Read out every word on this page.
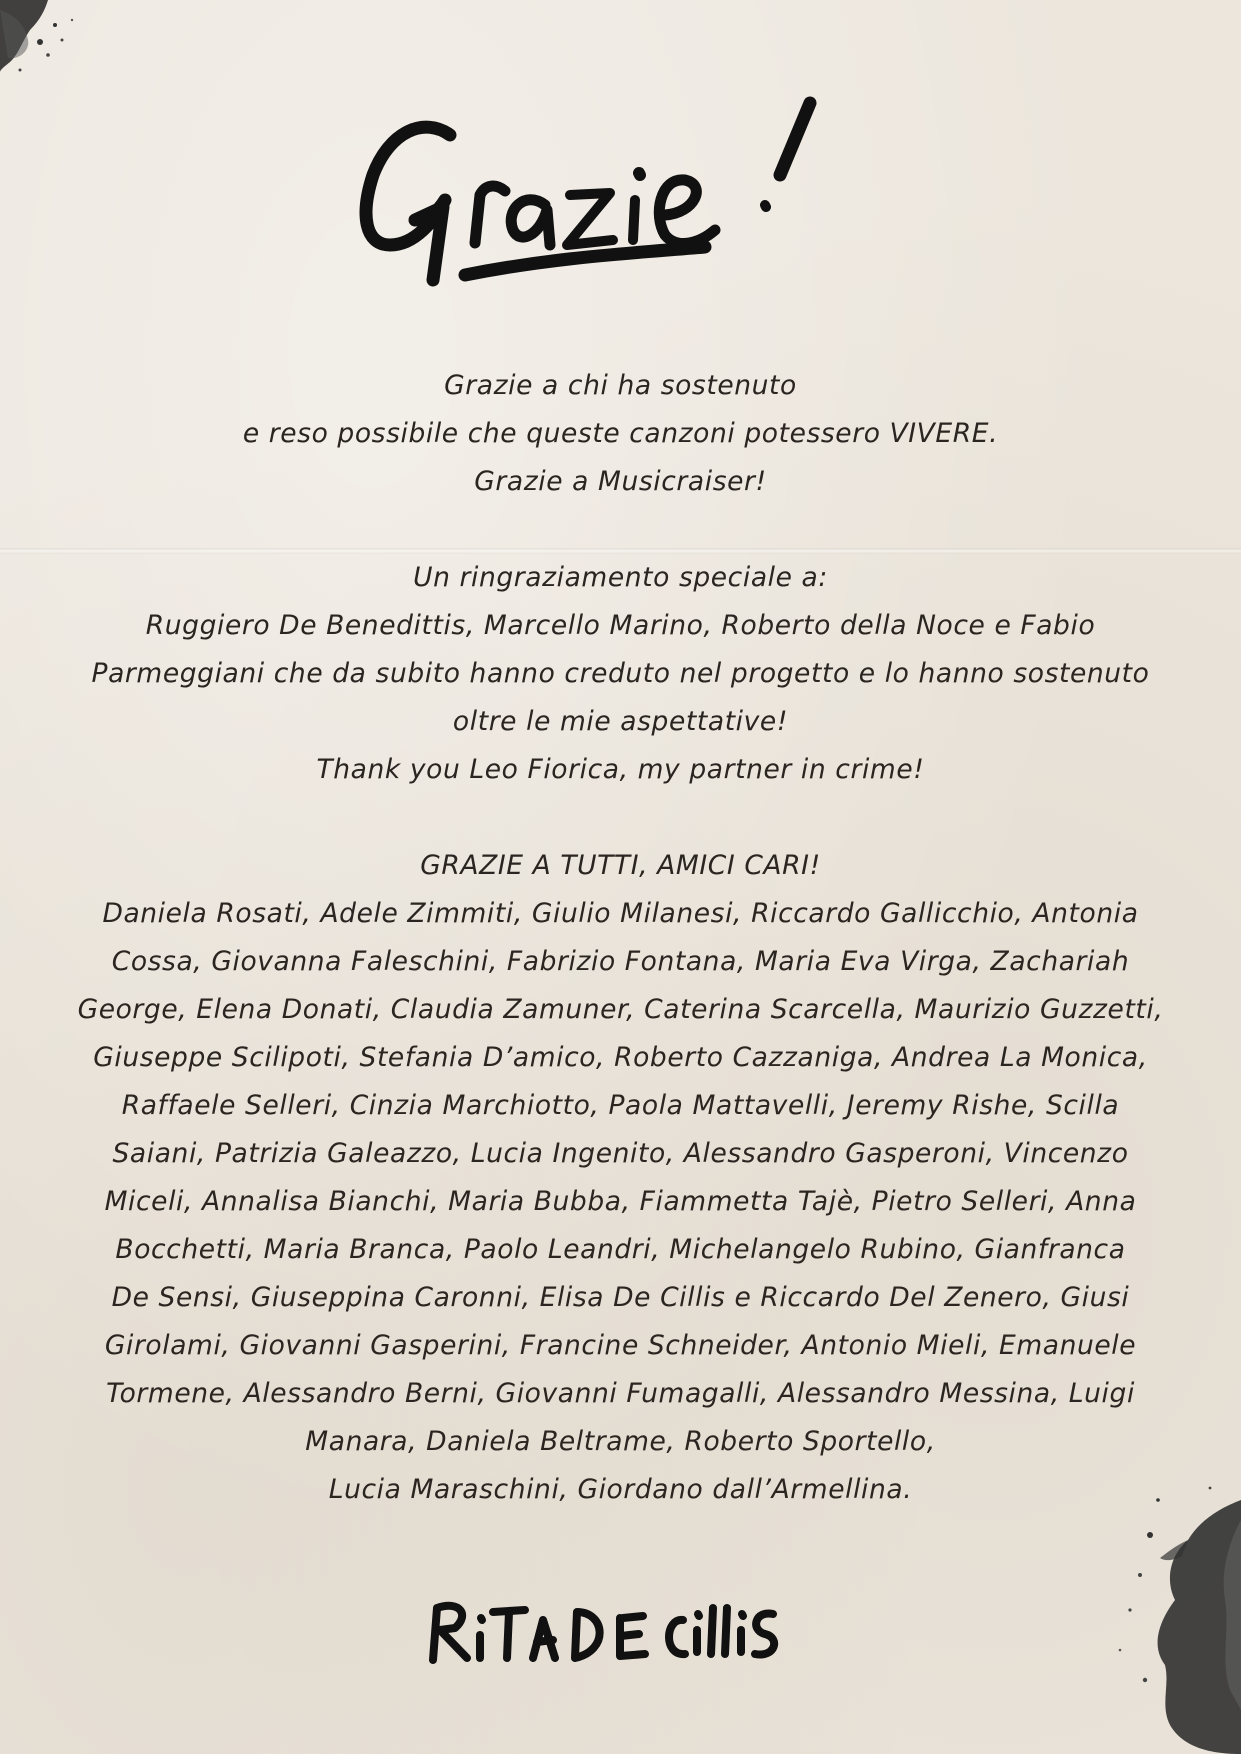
Grazie a chi ha sostenuto

e reso possibile che queste canzoni potessero VIVERE.

Grazie a Musicraiser!

Un ringraziamento speciale a:

Ruggiero De Benedittis, Marcello Marino, Roberto della Noce e Fabio

Parmeggiani che da subito hanno creduto nel progetto e lo hanno sostenuto

oltre le mie aspettative!

Thank you Leo Fiorica, my partner in crime!

GRAZIE A TUTTI, AMICI CARI!

Daniela Rosati, Adele Zimmiti, Giulio Milanesi, Riccardo Gallicchio, Antonia

Cossa, Giovanna Faleschini, Fabrizio Fontana, Maria Eva Virga, Zachariah

George, Elena Donati, Claudia Zamuner, Caterina Scarcella, Maurizio Guzzetti,

Giuseppe Scilipoti, Stefania D’amico, Roberto Cazzaniga, Andrea La Monica,

Raffaele Selleri, Cinzia Marchiotto, Paola Mattavelli, Jeremy Rishe, Scilla

Saiani, Patrizia Galeazzo, Lucia Ingenito, Alessandro Gasperoni, Vincenzo

Miceli, Annalisa Bianchi, Maria Bubba, Fiammetta Tajè, Pietro Selleri, Anna

Bocchetti, Maria Branca, Paolo Leandri, Michelangelo Rubino, Gianfranca

De Sensi, Giuseppina Caronni, Elisa De Cillis e Riccardo Del Zenero, Giusi

Girolami, Giovanni Gasperini, Francine Schneider, Antonio Mieli, Emanuele

Tormene, Alessandro Berni, Giovanni Fumagalli, Alessandro Messina, Luigi

Manara, Daniela Beltrame, Roberto Sportello,

Lucia Maraschini, Giordano dall’Armellina.
